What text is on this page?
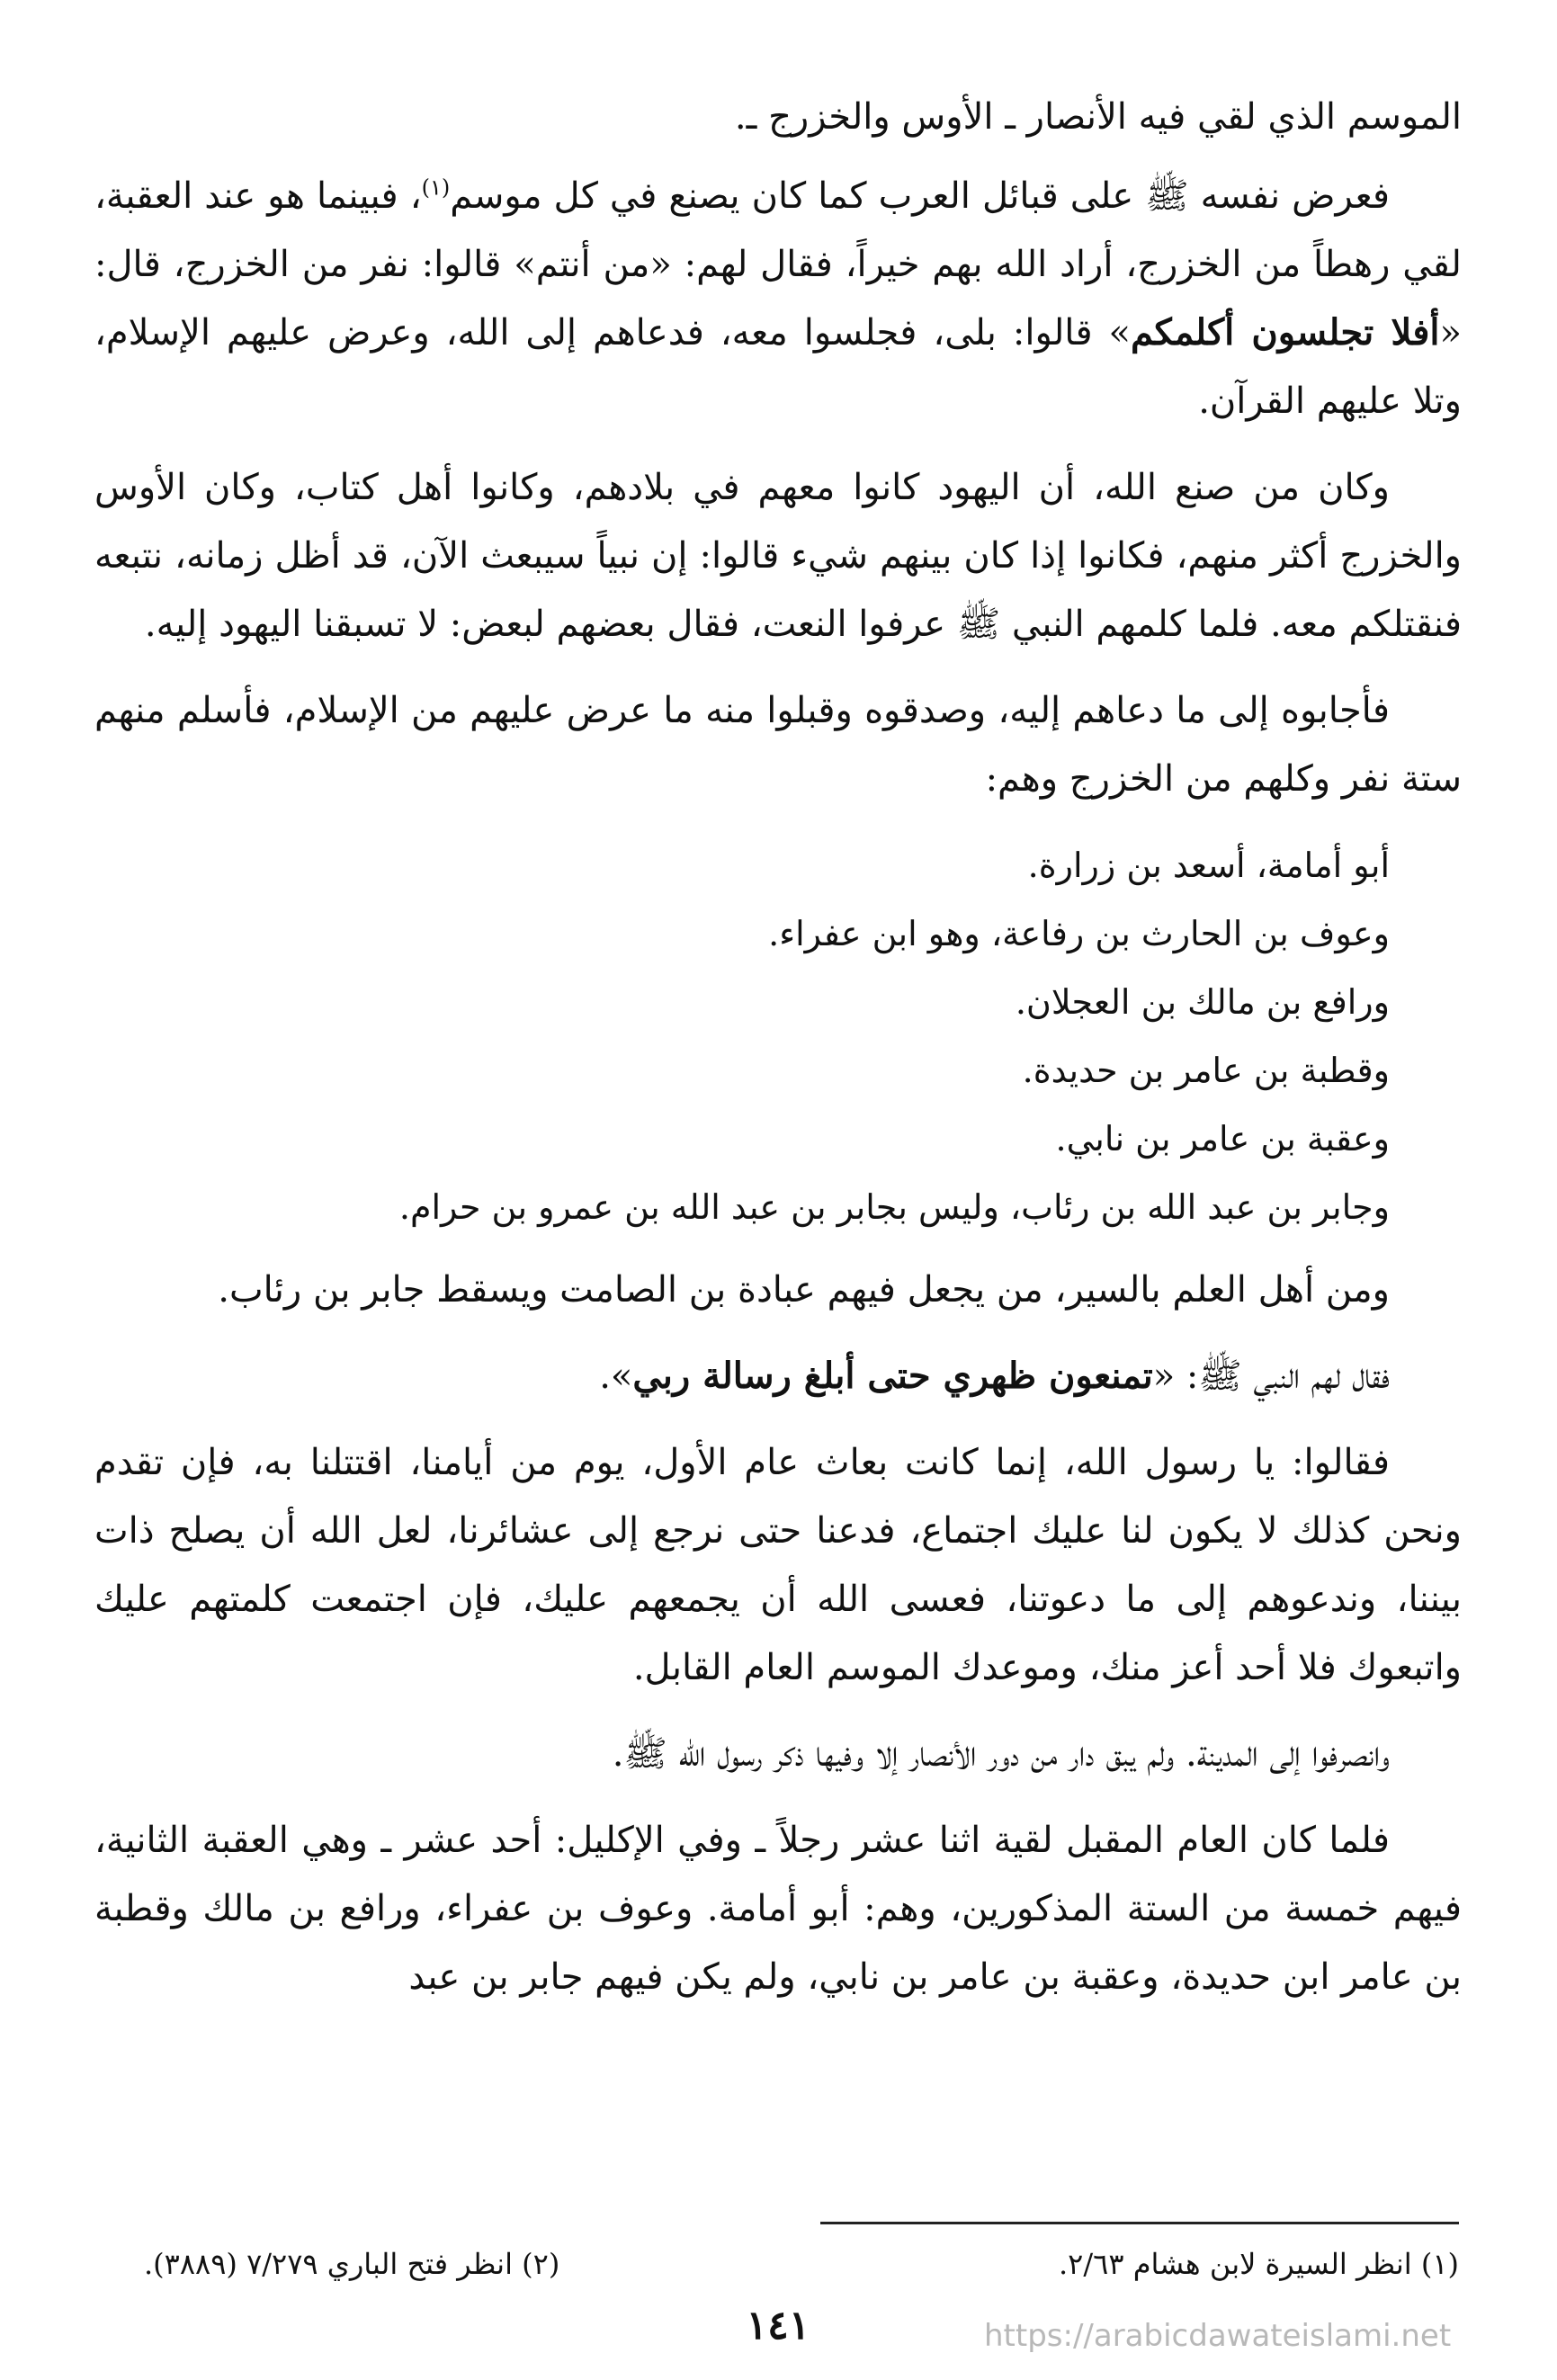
الموسم الذي لقي فيه الأنصار ـ الأوس والخزرج ـ.

فعرض نفسه ﷺ على قبائل العرب كما كان يصنع في كل موسم$^{(١)}$، فبينما هو عند العقبة، لقي رهطاً من الخزرج، أراد الله بهم خيراً، فقال لهم: «من أنتم» قالوا: نفر من الخزرج، قال: «أفلا تجلسون أكلمكم» قالوا: بلى، فجلسوا معه، فدعاهم إلى الله، وعرض عليهم الإسلام، وتلا عليهم القرآن.

وكان من صنع الله، أن اليهود كانوا معهم في بلادهم، وكانوا أهل كتاب، وكان الأوس والخزرج أكثر منهم، فكانوا إذا كان بينهم شيء قالوا: إن نبياً سيبعث الآن، قد أظل زمانه، نتبعه فنقتلكم معه. فلما كلمهم النبي ﷺ عرفوا النعت، فقال بعضهم لبعض: لا تسبقنا اليهود إليه.

فأجابوه إلى ما دعاهم إليه، وصدقوه وقبلوا منه ما عرض عليهم من الإسلام، فأسلم منهم ستة نفر وكلهم من الخزرج وهم:

أبو أمامة، أسعد بن زرارة.
وعوف بن الحارث بن رفاعة، وهو ابن عفراء.
ورافع بن مالك بن العجلان.
وقطبة بن عامر بن حديدة.
وعقبة بن عامر بن نابي.
وجابر بن عبد الله بن رئاب، وليس بجابر بن عبد الله بن عمرو بن حرام.

ومن أهل العلم بالسير، من يجعل فيهم عبادة بن الصامت ويسقط جابر بن رئاب.

فقال لهم النبي ﷺ: «تمنعون ظهري حتى أبلغ رسالة ربي».

فقالوا: يا رسول الله، إنما كانت بعاث عام الأول، يوم من أيامنا، اقتتلنا به، فإن تقدم ونحن كذلك لا يكون لنا عليك اجتماع، فدعنا حتى نرجع إلى عشائرنا، لعل الله أن يصلح ذات بيننا، وندعوهم إلى ما دعوتنا، فعسى الله أن يجمعهم عليك، فإن اجتمعت كلمتهم عليك واتبعوك فلا أحد أعز منك، وموعدك الموسم العام القابل.

وانصرفوا إلى المدينة. ولم يبق دار من دور الأنصار إلا وفيها ذكر رسول الله ﷺ.

فلما كان العام المقبل لقية اثنا عشر رجلاً ـ وفي الإكليل: أحد عشر ـ وهي العقبة الثانية، فيهم خمسة من الستة المذكورين، وهم: أبو أمامة. وعوف بن عفراء، ورافع بن مالك وقطبة بن عامر ابن حديدة، وعقبة بن عامر بن نابي، ولم يكن فيهم جابر بن عبد

(١) انظر السيرة لابن هشام ٢/٦٣.
(٢) انظر فتح الباري ٧/٢٧٩ (٣٨٨٩).
١٤١	https://arabicdawateislami.net
